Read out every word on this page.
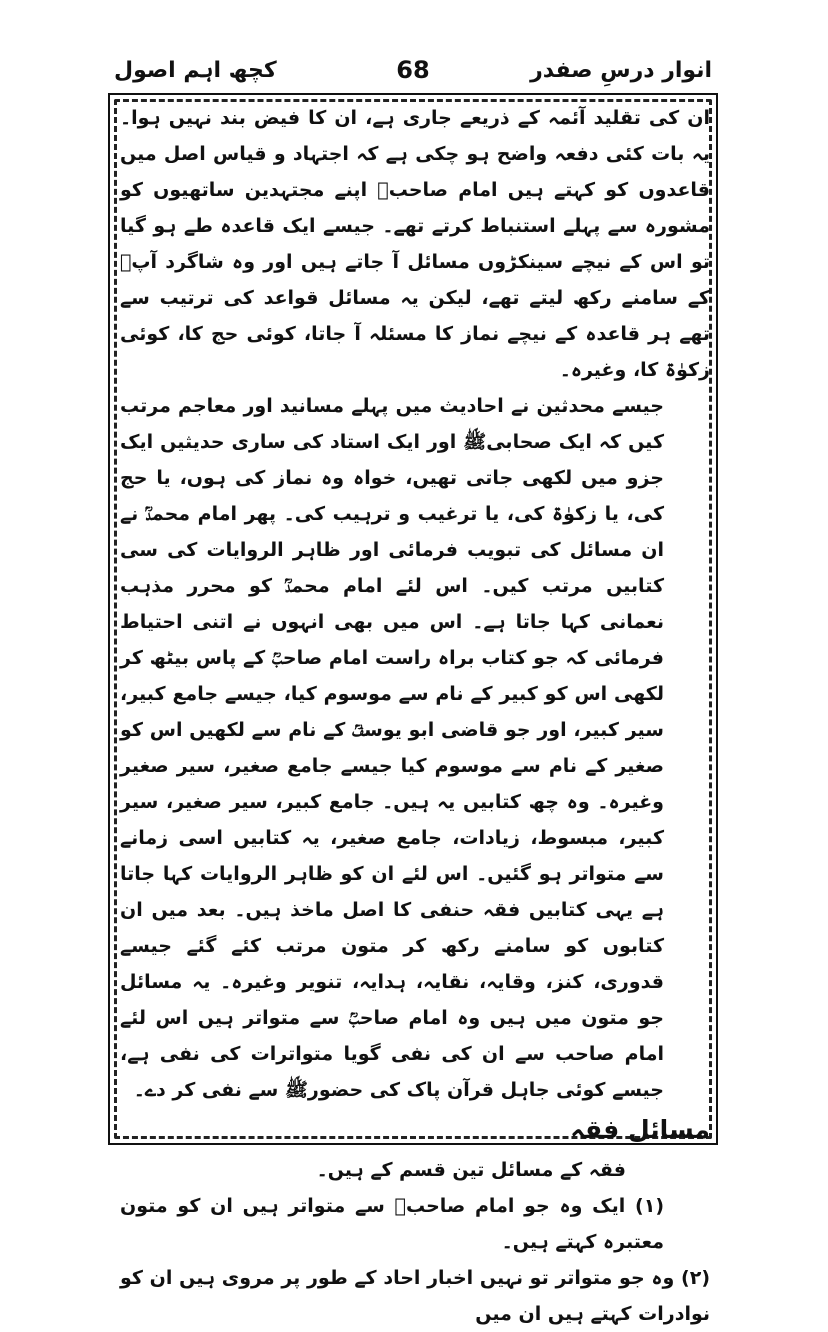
کچھ اہم اصول	68	انوار درسِ صفدر

ان کی تقلید آئمہ کے ذریعے جاری ہے، ان کا فیض بند نہیں ہوا۔ یہ بات کئی دفعہ واضح ہو چکی ہے کہ اجتہاد و قیاس اصل میں قاعدوں کو کہتے ہیں امام صاحبؒ اپنے مجتہدین ساتھیوں کو مشورہ سے پہلے استنباط کرتے تھے۔ جیسے ایک قاعدہ طے ہو گیا تو اس کے نیچے سینکڑوں مسائل آ جاتے ہیں اور وہ شاگرد آپؒ کے سامنے رکھ لیتے تھے، لیکن یہ مسائل قواعد کی ترتیب سے تھے ہر قاعدہ کے نیچے نماز کا مسئلہ آ جاتا، کوئی حج کا، کوئی زکوٰۃ کا، وغیرہ۔

جیسے محدثین نے احادیث میں پہلے مسانید اور معاجم مرتب کیں کہ ایک صحابیﷺ اور ایک استاد کی ساری حدیثیں ایک جزو میں لکھی جاتی تھیں، خواہ وہ نماز کی ہوں، یا حج کی، یا زکوٰۃ کی، یا ترغیب و ترہیب کی۔ پھر امام محمدؒ نے ان مسائل کی تبویب فرمائی اور ظاہر الروایات کی سی کتابیں مرتب کیں۔ اس لئے امام محمدؒ کو محرر مذہب نعمانی کہا جاتا ہے۔ اس میں بھی انہوں نے اتنی احتیاط فرمائی کہ جو کتاب براہ راست امام صاحبؒ کے پاس بیٹھ کر لکھی اس کو کبیر کے نام سے موسوم کیا، جیسے جامع کبیر، سیر کبیر، اور جو قاضی ابو یوسفؒ کے نام سے لکھیں اس کو صغیر کے نام سے موسوم کیا جیسے جامع صغیر، سیر صغیر وغیرہ۔ وہ چھ کتابیں یہ ہیں۔ جامع کبیر، سیر صغیر، سیر کبیر، مبسوط، زیادات، جامع صغیر، یہ کتابیں اسی زمانے سے متواتر ہو گئیں۔ اس لئے ان کو ظاہر الروایات کہا جاتا ہے یہی کتابیں فقہ حنفی کا اصل ماخذ ہیں۔ بعد میں ان کتابوں کو سامنے رکھ کر متون مرتب کئے گئے جیسے قدوری، کنز، وقایہ، نقایہ، ہدایہ، تنویر وغیرہ۔ یہ مسائل جو متون میں ہیں وہ امام صاحبؒ سے متواتر ہیں اس لئے امام صاحب سے ان کی نفی گویا متواترات کی نفی ہے، جیسے کوئی جاہل قرآن پاک کی حضورﷺ سے نفی کر دے۔

مسائل فقہ

فقہ کے مسائل تین قسم کے ہیں۔

(۱) ایک وہ جو امام صاحبؒ سے متواتر ہیں ان کو متون معتبرہ کہتے ہیں۔

(۲) وہ جو متواتر تو نہیں اخبار احاد کے طور پر مروی ہیں ان کو نوادرات کہتے ہیں ان میں
